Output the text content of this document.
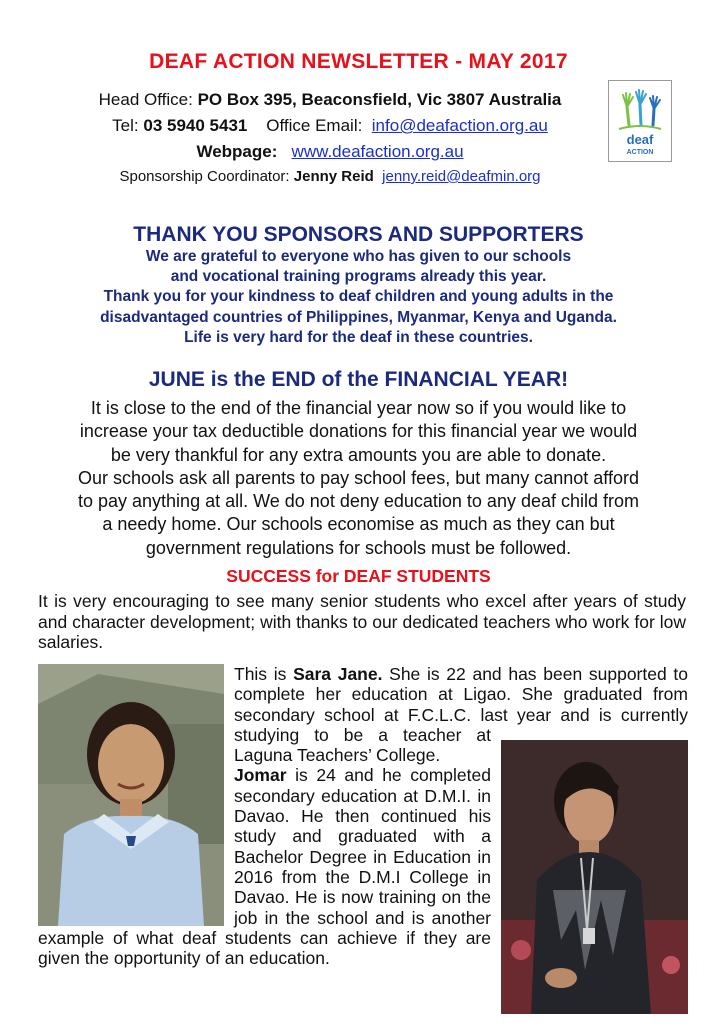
DEAF ACTION NEWSLETTER - MAY 2017
Head Office: PO Box 395, Beaconsfield, Vic 3807 Australia
Tel: 03 5940 5431 Office Email: info@deafaction.org.au
Webpage: www.deafaction.org.au
Sponsorship Coordinator: Jenny Reid jenny.reid@deafmin.org
deaf
ACTION
THANK YOU SPONSORS AND SUPPORTERS
We are grateful to everyone who has given to our schools
and vocational training programs already this year.
Thank you for your kindness to deaf children and young adults in the
disadvantaged countries of Philippines, Myanmar, Kenya and Uganda.
Life is very hard for the deaf in these countries.
JUNE is the END of the FINANCIAL YEAR!
It is close to the end of the financial year now so if you would like to
increase your tax deductible donations for this financial year we would
be very thankful for any extra amounts you are able to donate.
Our schools ask all parents to pay school fees, but many cannot afford
to pay anything at all. We do not deny education to any deaf child from
a needy home. Our schools economise as much as they can but
government regulations for schools must be followed.
SUCCESS for DEAF STUDENTS
It is very encouraging to see many senior students who excel after years of study and character development; with thanks to our dedicated teachers who work for low salaries.

This is Sara Jane. She is 22 and has been supported to complete her education at Ligao. She graduated from secondary school at F.C.L.C. last year and is currently studying to be a teacher at Laguna Teachers’ College.

Jomar is 24 and he completed secondary education at D.M.I. in Davao. He then continued his study and graduated with a Bachelor Degree in Education in 2016 from the D.M.I College in Davao. He is now training on the job in the school and is another example of what deaf students can achieve if they are given the opportunity of an education.
